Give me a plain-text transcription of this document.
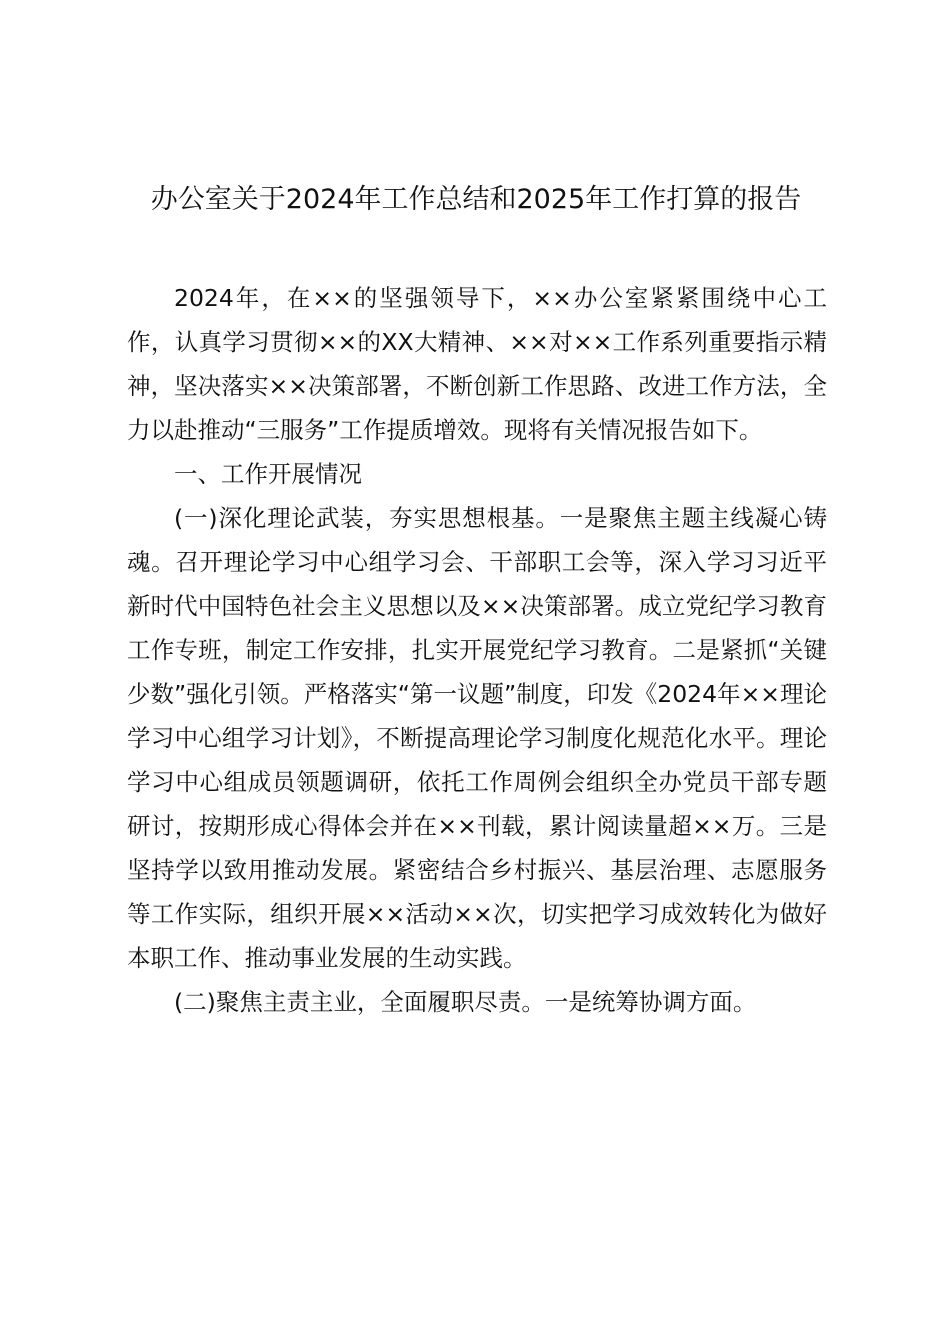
办公室关于2024年工作总结和2025年工作打算的报告

2024年，在××的坚强领导下，××办公室紧紧围绕中心工作，认真学习贯彻××的XX大精神、××对××工作系列重要指示精神，坚决落实××决策部署，不断创新工作思路、改进工作方法，全力以赴推动“三服务”工作提质增效。现将有关情况报告如下。

一、工作开展情况

(一)深化理论武装，夯实思想根基。一是聚焦主题主线凝心铸魂。召开理论学习中心组学习会、干部职工会等，深入学习习近平新时代中国特色社会主义思想以及××决策部署。成立党纪学习教育工作专班，制定工作安排，扎实开展党纪学习教育。二是紧抓“关键少数”强化引领。严格落实“第一议题”制度，印发《2024年××理论学习中心组学习计划》，不断提高理论学习制度化规范化水平。理论学习中心组成员领题调研，依托工作周例会组织全办党员干部专题研讨，按期形成心得体会并在××刊载，累计阅读量超××万。三是坚持学以致用推动发展。紧密结合乡村振兴、基层治理、志愿服务等工作实际，组织开展××活动××次，切实把学习成效转化为做好本职工作、推动事业发展的生动实践。

(二)聚焦主责主业，全面履职尽责。一是统筹协调方面。
